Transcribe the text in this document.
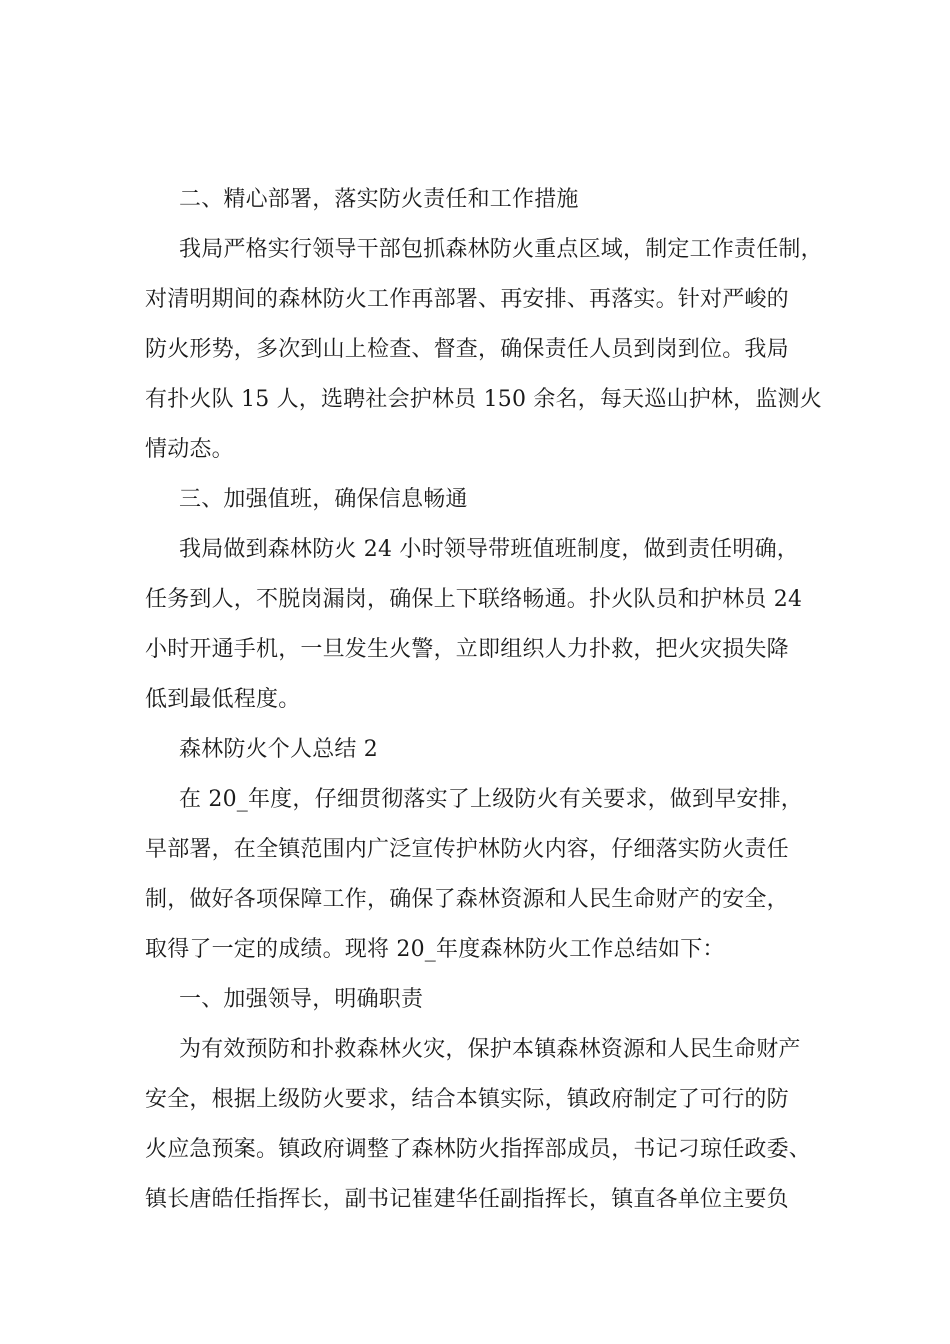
二、精心部署，落实防火责任和工作措施
我局严格实行领导干部包抓森林防火重点区域，制定工作责任制，
对清明期间的森林防火工作再部署、再安排、再落实。针对严峻的
防火形势，多次到山上检查、督查，确保责任人员到岗到位。我局
有扑火队 15 人，选聘社会护林员 150 余名，每天巡山护林，监测火
情动态。
三、加强值班，确保信息畅通
我局做到森林防火 24 小时领导带班值班制度，做到责任明确，
任务到人，不脱岗漏岗，确保上下联络畅通。扑火队员和护林员 24
小时开通手机，一旦发生火警，立即组织人力扑救，把火灾损失降
低到最低程度。
森林防火个人总结 2
在 20_年度，仔细贯彻落实了上级防火有关要求，做到早安排，
早部署，在全镇范围内广泛宣传护林防火内容，仔细落实防火责任
制，做好各项保障工作，确保了森林资源和人民生命财产的安全，
取得了一定的成绩。现将 20_年度森林防火工作总结如下：
一、加强领导，明确职责
为有效预防和扑救森林火灾，保护本镇森林资源和人民生命财产
安全，根据上级防火要求，结合本镇实际，镇政府制定了可行的防
火应急预案。镇政府调整了森林防火指挥部成员，书记刁琼任政委、
镇长唐皓任指挥长，副书记崔建华任副指挥长，镇直各单位主要负
